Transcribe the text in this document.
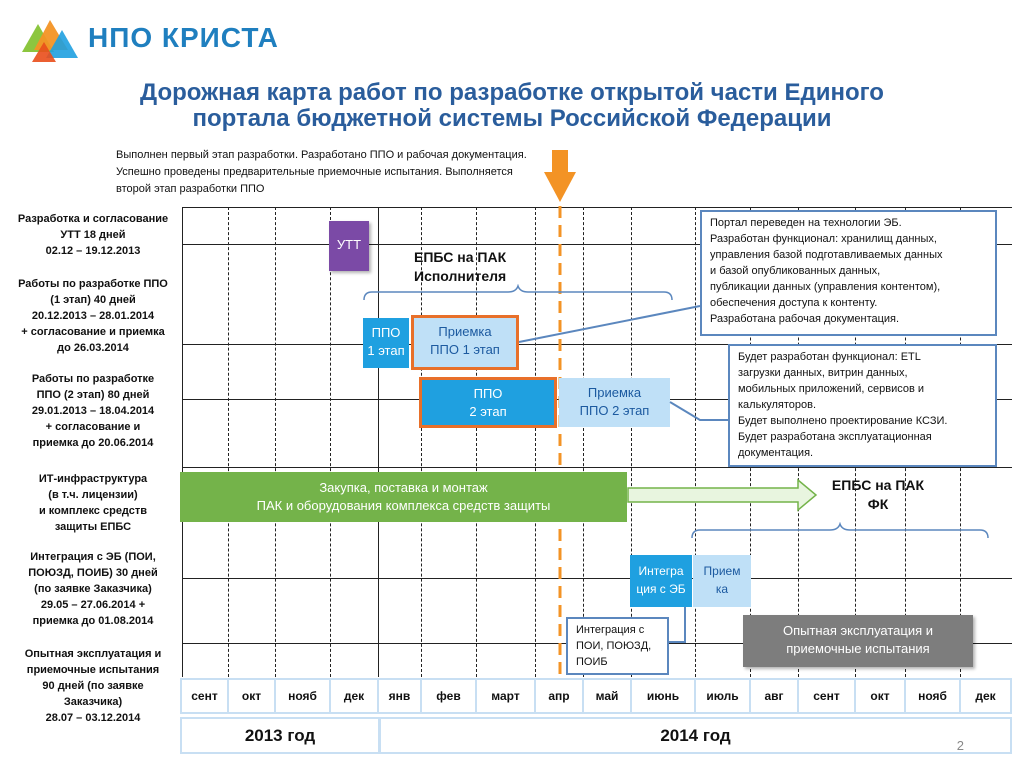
НПО КРИСТА
Дорожная карта работ по разработке открытой части Единого
портала бюджетной системы Российской Федерации
Выполнен первый этап разработки. Разработано ППО и рабочая документация. Успешно проведены предварительные приемочные испытания. Выполняется второй этап разработки ППО
Разработка и согласование
УТТ 18 дней
02.12 – 19.12.2013
Работы по разработке ППО
(1 этап) 40 дней
20.12.2013 – 28.01.2014
+ согласование и приемка
до 26.03.2014
Работы по разработке
ППО (2 этап) 80 дней
29.01.2013 – 18.04.2014
+ согласование и
приемка до 20.06.2014
ИТ-инфраструктура
(в т.ч. лицензии)
и комплекс средств
защиты ЕПБС
Интеграция с ЭБ (ПОИ,
ПОЮЗД, ПОИБ) 30 дней
(по заявке Заказчика)
29.05 – 27.06.2014 +
приемка до 01.08.2014
Опытная эксплуатация и
приемочные испытания
90 дней (по заявке
Заказчика)
28.07 – 03.12.2014
УТТ
ЕПБС на ПАК
Исполнителя
ППО
1 этап
Приемка
ППО 1 этап
ППО
2 этап
Приемка
ППО 2 этап
Закупка, поставка и монтаж
ПАК и оборудования комплекса средств защиты
ЕПБС на ПАК
ФК
Интегра
ция с ЭБ
Прием
ка
Опытная эксплуатация и
приемочные испытания
Портал переведен на технологии ЭБ.
Разработан функционал: хранилищ данных,
управления базой подготавливаемых данных
и базой опубликованных данных,
публикации данных (управления контентом),
обеспечения доступа к контенту.
Разработана рабочая документация.
Будет разработан функционал: ETL
загрузки данных, витрин данных,
мобильных приложений, сервисов и
калькуляторов.
Будет выполнено проектирование КСЗИ.
Будет разработана эксплуатационная
документация.
Интеграция с
ПОИ, ПОЮЗД,
ПОИБ
сент	окт	нояб	дек	янв	фев	март	апр	май	июнь	июль	авг	сент	окт	нояб	дек
2013 год	2014 год
2
